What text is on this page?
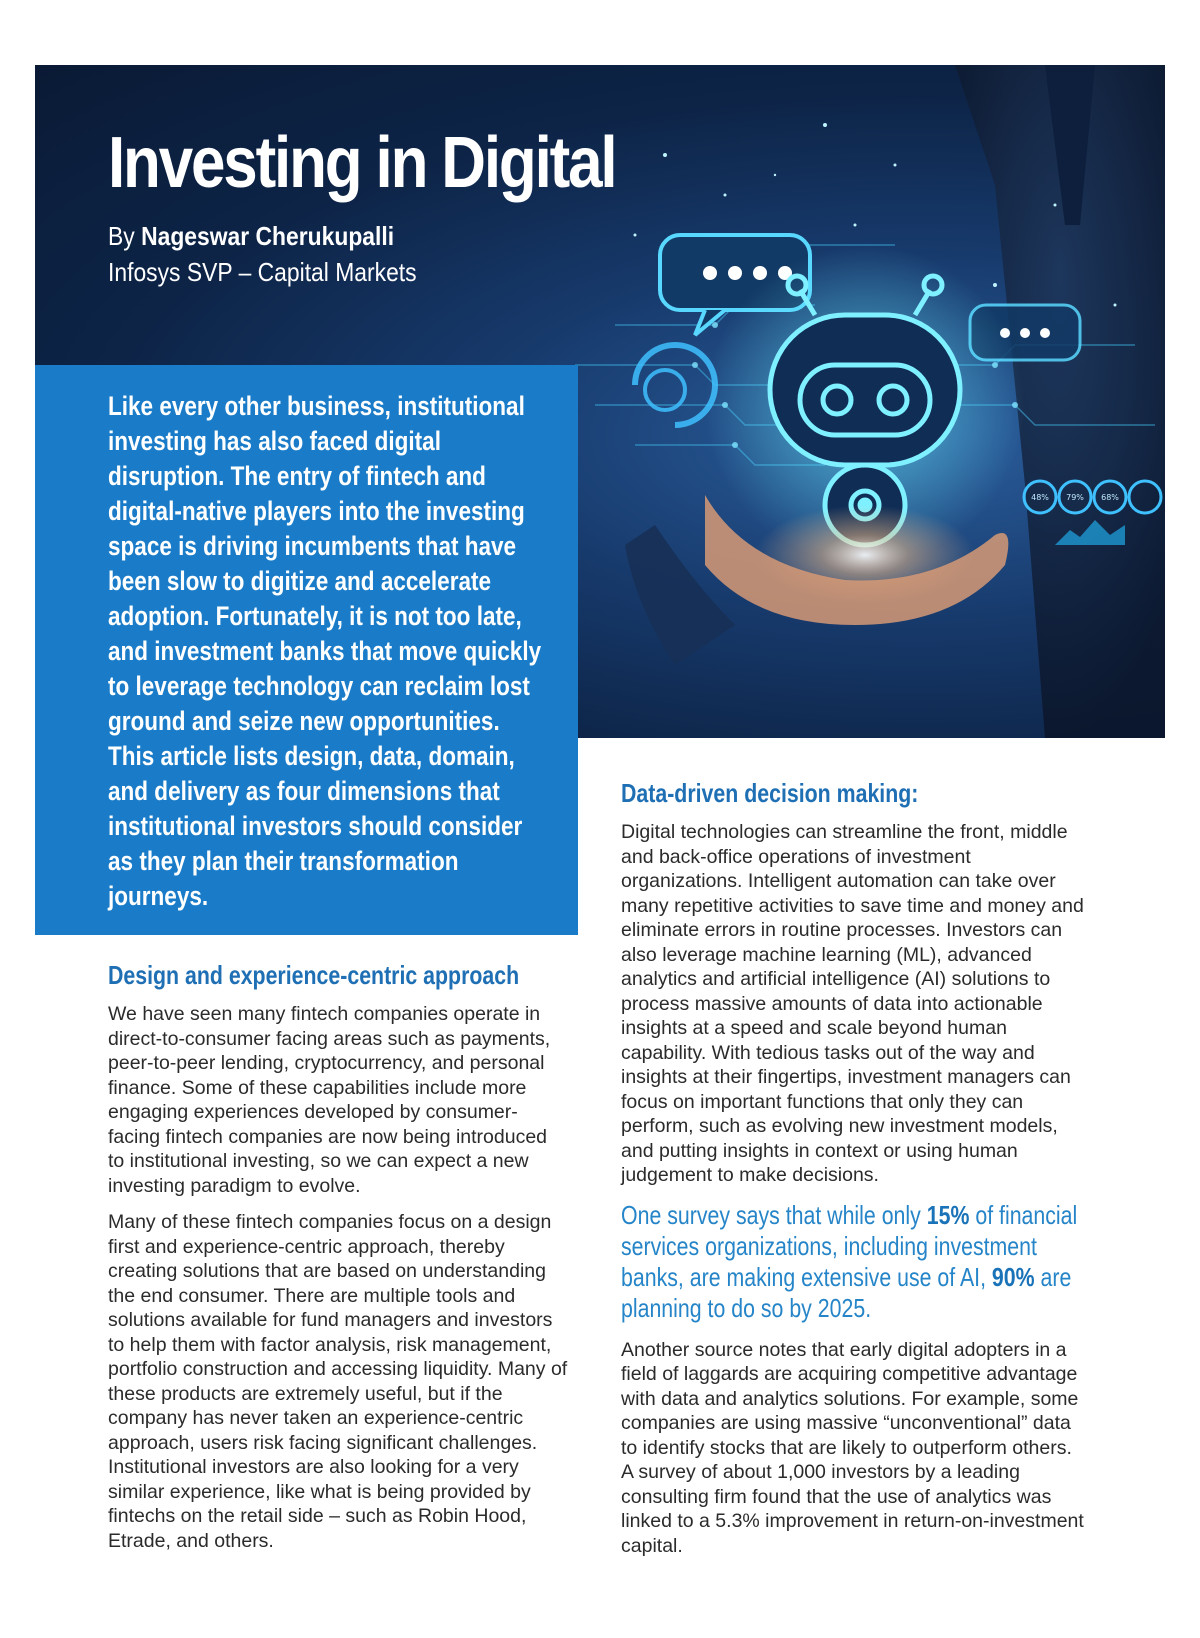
48% 79% 68%
Investing in Digital
By Nageswar Cherukupalli
Infosys SVP – Capital Markets

Like every other business, institutional investing has also faced digital disruption. The entry of fintech and digital-native players into the investing space is driving incumbents that have been slow to digitize and accelerate adoption. Fortunately, it is not too late, and investment banks that move quickly to leverage technology can reclaim lost ground and seize new opportunities. This article lists design, data, domain, and delivery as four dimensions that institutional investors should consider as they plan their transformation journeys.

Design and experience-centric approach

We have seen many fintech companies operate in direct-to-consumer facing areas such as payments, peer-to-peer lending, cryptocurrency, and personal finance. Some of these capabilities include more engaging experiences developed by consumer-facing fintech companies are now being introduced to institutional investing, so we can expect a new investing paradigm to evolve.

Many of these fintech companies focus on a design first and experience-centric approach, thereby creating solutions that are based on understanding the end consumer. There are multiple tools and solutions available for fund managers and investors to help them with factor analysis, risk management, portfolio construction and accessing liquidity. Many of these products are extremely useful, but if the company has never taken an experience-centric approach, users risk facing significant challenges. Institutional investors are also looking for a very similar experience, like what is being provided by fintechs on the retail side – such as Robin Hood, Etrade, and others.

Data-driven decision making:

Digital technologies can streamline the front, middle and back-office operations of investment organizations. Intelligent automation can take over many repetitive activities to save time and money and eliminate errors in routine processes. Investors can also leverage machine learning (ML), advanced analytics and artificial intelligence (AI) solutions to process massive amounts of data into actionable insights at a speed and scale beyond human capability. With tedious tasks out of the way and insights at their fingertips, investment managers can focus on important functions that only they can perform, such as evolving new investment models, and putting insights in context or using human judgement to make decisions.

One survey says that while only 15% of financial services organizations, including investment banks, are making extensive use of AI, 90% are planning to do so by 2025.

Another source notes that early digital adopters in a field of laggards are acquiring competitive advantage with data and analytics solutions. For example, some companies are using massive “unconventional” data to identify stocks that are likely to outperform others. A survey of about 1,000 investors by a leading consulting firm found that the use of analytics was linked to a 5.3% improvement in return-on-investment capital.
